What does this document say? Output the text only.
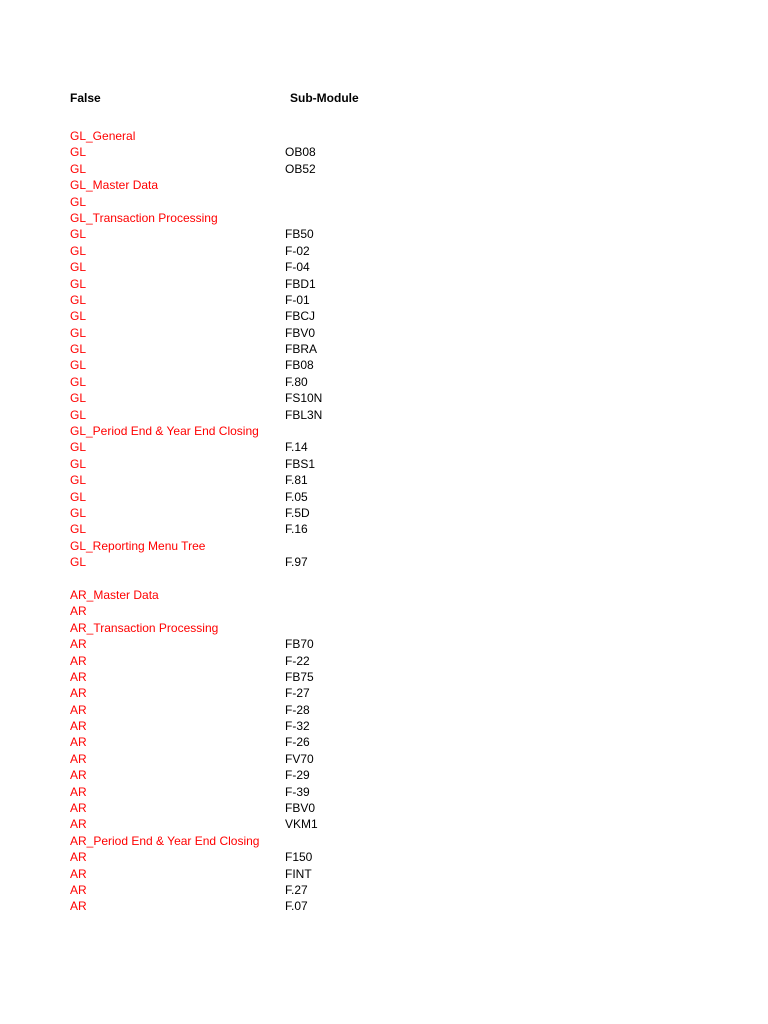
False	Sub-Module
GL_General
GL	OB08
GL	OB52
GL_Master Data
GL
GL_Transaction Processing
GL	FB50
GL	F-02
GL	F-04
GL	FBD1
GL	F-01
GL	FBCJ
GL	FBV0
GL	FBRA
GL	FB08
GL	F.80
GL	FS10N
GL	FBL3N
GL_Period End & Year End Closing
GL	F.14
GL	FBS1
GL	F.81
GL	F.05
GL	F.5D
GL	F.16
GL_Reporting Menu Tree
GL	F.97
AR_Master Data
AR
AR_Transaction Processing
AR	FB70
AR	F-22
AR	FB75
AR	F-27
AR	F-28
AR	F-32
AR	F-26
AR	FV70
AR	F-29
AR	F-39
AR	FBV0
AR	VKM1
AR_Period End & Year End Closing
AR	F150
AR	FINT
AR	F.27
AR	F.07
